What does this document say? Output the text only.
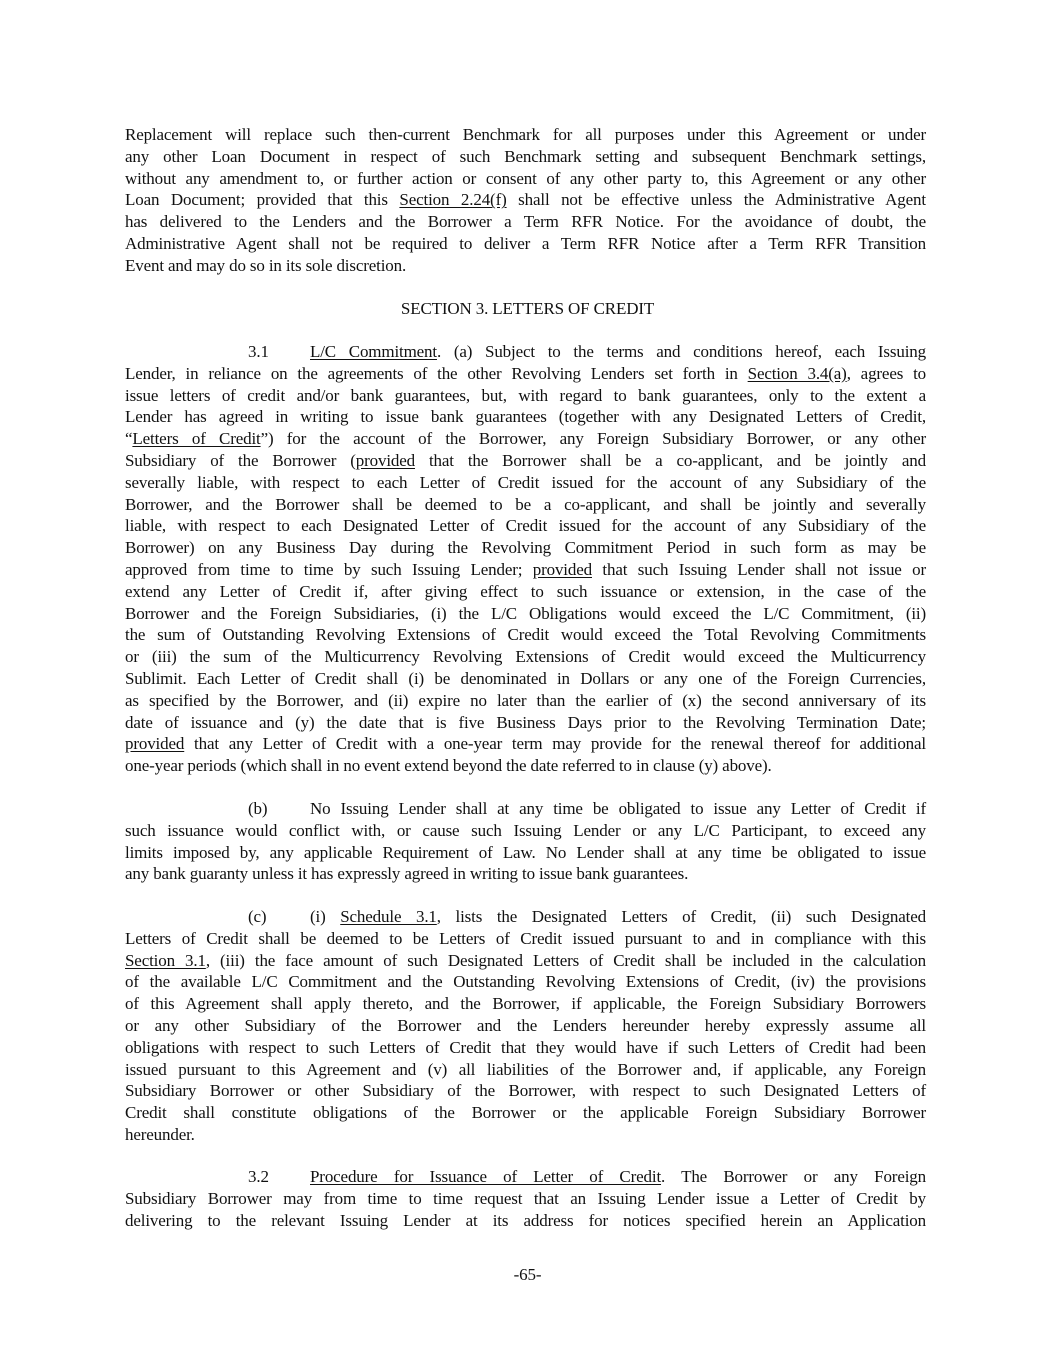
Replacement will replace such then-current Benchmark for all purposes under this Agreement or under
any other Loan Document in respect of such Benchmark setting and subsequent Benchmark settings,
without any amendment to, or further action or consent of any other party to, this Agreement or any other
Loan Document; provided that this Section 2.24(f) shall not be effective unless the Administrative Agent
has delivered to the Lenders and the Borrower a Term RFR Notice. For the avoidance of doubt, the
Administrative Agent shall not be required to deliver a Term RFR Notice after a Term RFR Transition
Event and may do so in its sole discretion.
SECTION 3. LETTERS OF CREDIT
3.1 L/C Commitment. (a) Subject to the terms and conditions hereof, each Issuing
Lender, in reliance on the agreements of the other Revolving Lenders set forth in Section 3.4(a), agrees to
issue letters of credit and/or bank guarantees, but, with regard to bank guarantees, only to the extent a
Lender has agreed in writing to issue bank guarantees (together with any Designated Letters of Credit,
“Letters of Credit”) for the account of the Borrower, any Foreign Subsidiary Borrower, or any other
Subsidiary of the Borrower (provided that the Borrower shall be a co-applicant, and be jointly and
severally liable, with respect to each Letter of Credit issued for the account of any Subsidiary of the
Borrower, and the Borrower shall be deemed to be a co-applicant, and shall be jointly and severally
liable, with respect to each Designated Letter of Credit issued for the account of any Subsidiary of the
Borrower) on any Business Day during the Revolving Commitment Period in such form as may be
approved from time to time by such Issuing Lender; provided that such Issuing Lender shall not issue or
extend any Letter of Credit if, after giving effect to such issuance or extension, in the case of the
Borrower and the Foreign Subsidiaries, (i) the L/C Obligations would exceed the L/C Commitment, (ii)
the sum of Outstanding Revolving Extensions of Credit would exceed the Total Revolving Commitments
or (iii) the sum of the Multicurrency Revolving Extensions of Credit would exceed the Multicurrency
Sublimit. Each Letter of Credit shall (i) be denominated in Dollars or any one of the Foreign Currencies,
as specified by the Borrower, and (ii) expire no later than the earlier of (x) the second anniversary of its
date of issuance and (y) the date that is five Business Days prior to the Revolving Termination Date;
provided that any Letter of Credit with a one-year term may provide for the renewal thereof for additional
one-year periods (which shall in no event extend beyond the date referred to in clause (y) above).
(b)	No Issuing Lender shall at any time be obligated to issue any Letter of Credit if
such issuance would conflict with, or cause such Issuing Lender or any L/C Participant, to exceed any
limits imposed by, any applicable Requirement of Law. No Lender shall at any time be obligated to issue
any bank guaranty unless it has expressly agreed in writing to issue bank guarantees.
(c)	(i) Schedule 3.1, lists the Designated Letters of Credit, (ii) such Designated
Letters of Credit shall be deemed to be Letters of Credit issued pursuant to and in compliance with this
Section 3.1, (iii) the face amount of such Designated Letters of Credit shall be included in the calculation
of the available L/C Commitment and the Outstanding Revolving Extensions of Credit, (iv) the provisions
of this Agreement shall apply thereto, and the Borrower, if applicable, the Foreign Subsidiary Borrowers
or any other Subsidiary of the Borrower and the Lenders hereunder hereby expressly assume all
obligations with respect to such Letters of Credit that they would have if such Letters of Credit had been
issued pursuant to this Agreement and (v) all liabilities of the Borrower and, if applicable, any Foreign
Subsidiary Borrower or other Subsidiary of the Borrower, with respect to such Designated Letters of
Credit shall constitute obligations of the Borrower or the applicable Foreign Subsidiary Borrower
hereunder.
3.2 Procedure for Issuance of Letter of Credit. The Borrower or any Foreign
Subsidiary Borrower may from time to time request that an Issuing Lender issue a Letter of Credit by
delivering to the relevant Issuing Lender at its address for notices specified herein an Application
-65-
